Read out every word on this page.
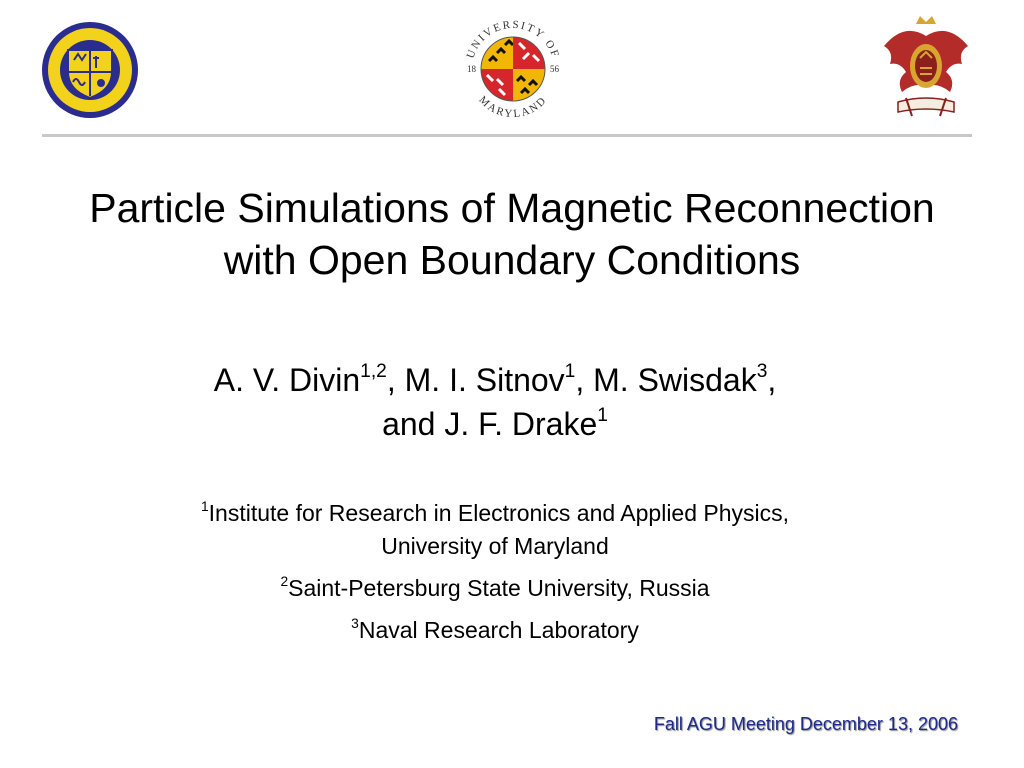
UNIVERSITY OF
MARYLAND
18	56
Particle Simulations of Magnetic Reconnection
with Open Boundary Conditions
A. V. Divin$^{1,2}$, M. I. Sitnov$^1$, M. Swisdak$^3$,
and J. F. Drake$^1$
$^1$Institute for Research in Electronics and Applied Physics,
University of Maryland
$^2$Saint-Petersburg State University, Russia
$^3$Naval Research Laboratory
Fall AGU Meeting December 13, 2006
